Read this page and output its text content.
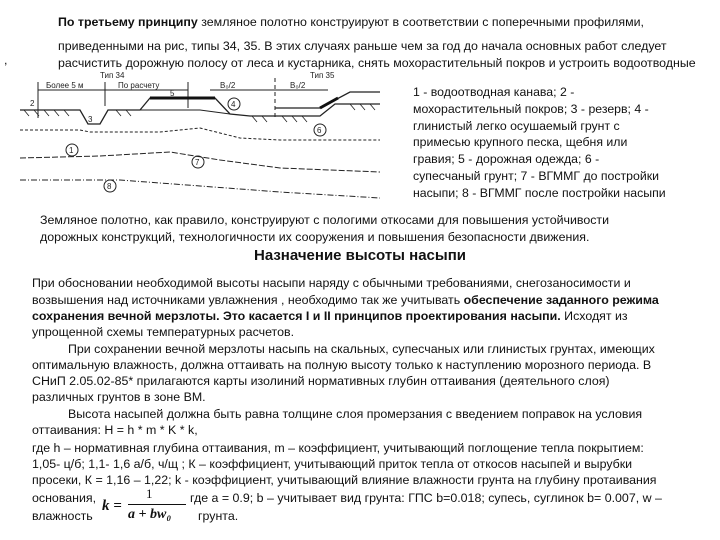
По третьему принципу земляное полотно конструируют в соответствии с поперечными профилями,
приведенными на рис, типы 34, 35. В этих случаях раньше чем за год до начала основных работ следует
,	расчистить дорожную полосу от леса и кустарника, снять мохорастительный покров и устроить водоотводные
Тип 34	Тип 35
Более 5 м	По расчету	B₀/2	B₀/2
1
2
3
4
5
6
7
8
1 - водоотводная канава; 2 -
мохорастительный покров; 3 - резерв; 4 -
глинистый легко осушаемый грунт с
примесью крупного песка, щебня или
гравия; 5 - дорожная одежда; 6 -
супесчаный грунт; 7 - ВГММГ до постройки
насыпи; 8 - ВГММГ после постройки насыпи
Земляное полотно, как правило, конструируют с пологими откосами для повышения устойчивости
дорожных конструкций, технологичности их сооружения и повышения безопасности движения.
Назначение высоты насыпи
При обосновании необходимой высоты насыпи наряду с обычными требованиями, снегозаносимости и
возвышения над источниками увлажнения , необходимо так же учитывать обеспечение заданного режима
сохранения вечной мерзлоты. Это касается I и II принципов проектирования насыпи. Исходят из
упрощенной схемы температурных расчетов.
При сохранении вечной мерзлоты насыпь на скальных, супесчаных или глинистых грунтах, имеющих
оптимальную влажность, должна оттаивать на полную высоту только к наступлению морозного периода. В
СНиП 2.05.02-85* прилагаются карты изолиний нормативных глубин оттаивания (деятельного слоя)
различных грунтов в зоне ВМ.
Высота насыпей должна быть равна толщине слоя промерзания с введением поправок на условия
оттаивания: H = h * m * K * k,
где h – нормативная глубина оттаивания, m – коэффициент, учитывающий поглощение тепла покрытием:
1,05- ц/б; 1,1- 1,6 а/б, ч/щ ; К – коэффициент, учитывающий приток тепла от откосов насыпей и вырубки
просеки, К = 1,16 – 1,22; k - коэффициент, учитывающий влияние влажности грунта на глубину протаивания
основания,	где a = 0.9; b – учитывает вид грунта: ГПС b=0.018; супесь, суглинок b= 0.007, w –
влажность	грунта.
k =
1
a + bw₀
